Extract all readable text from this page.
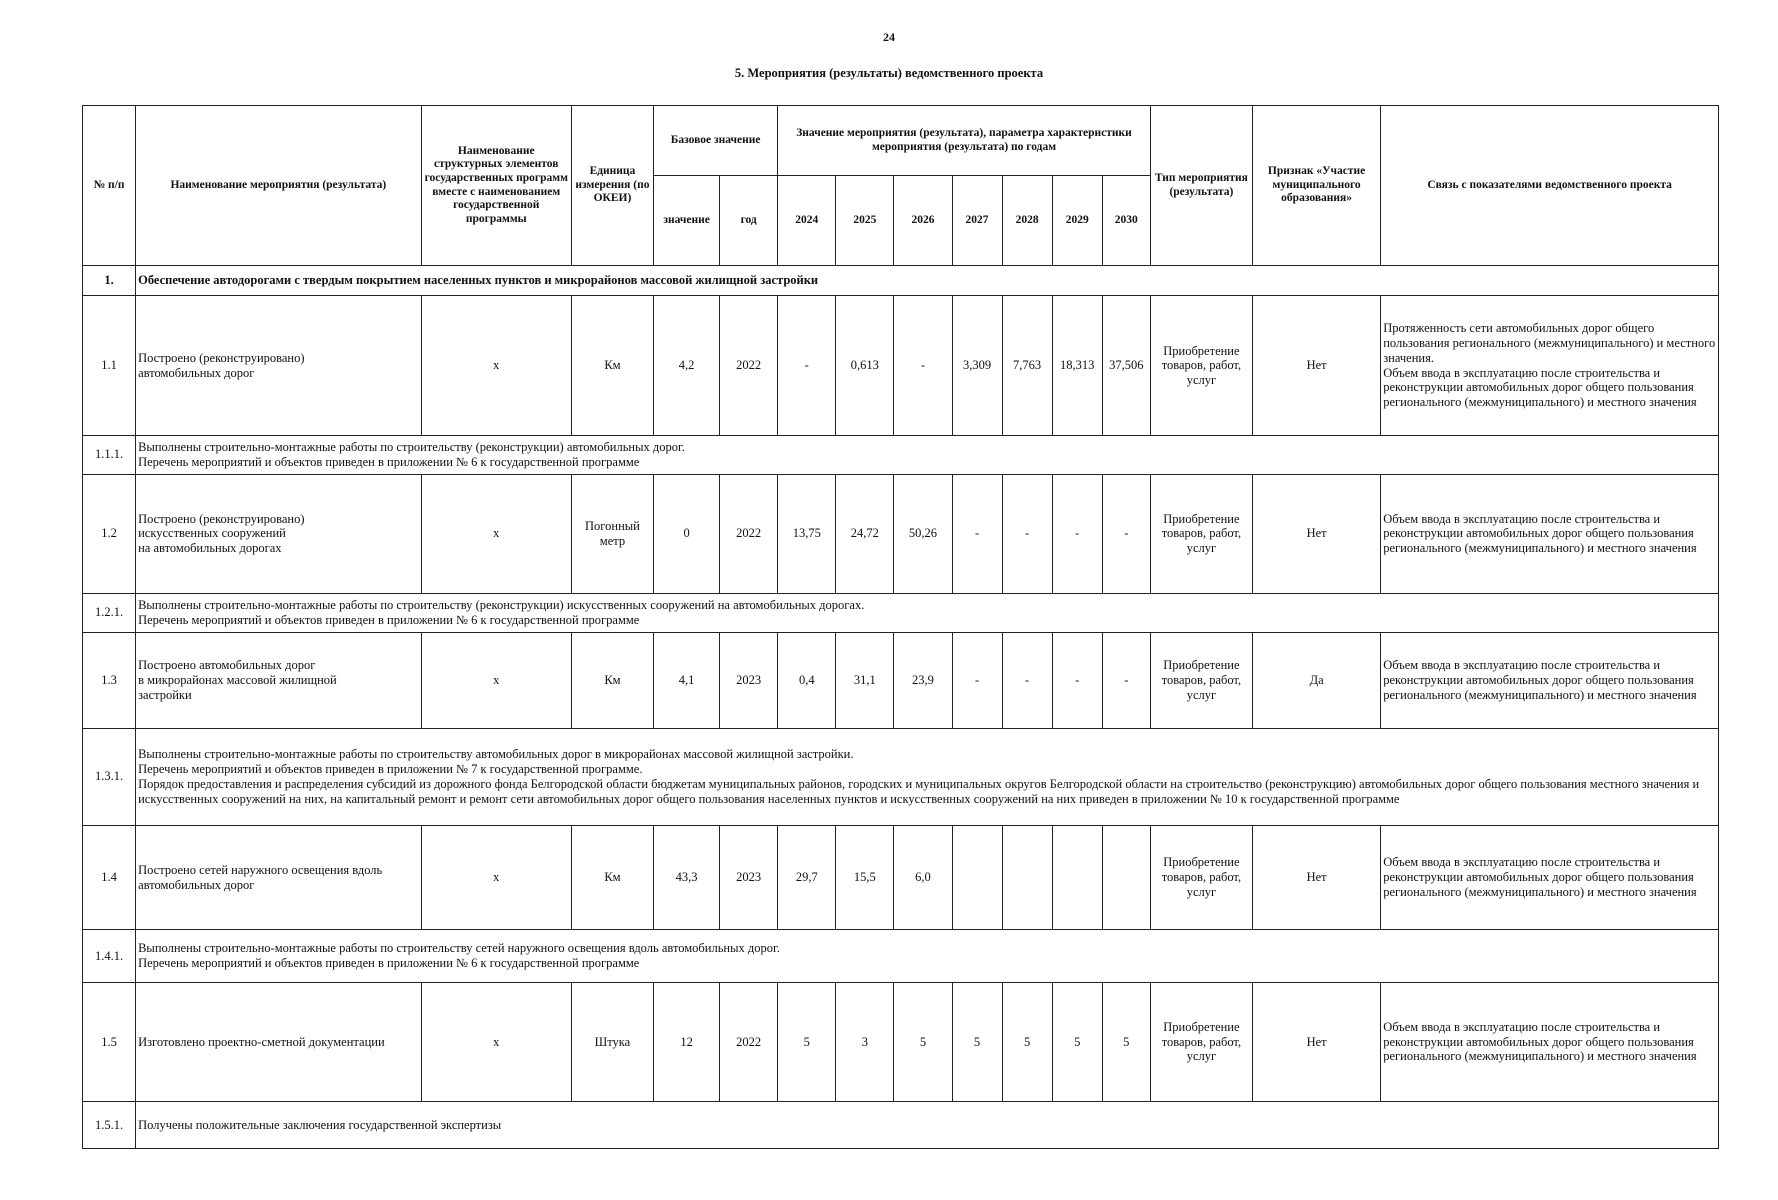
24
5. Мероприятия (результаты) ведомственного проекта
№ п/п	Наименование мероприятия (результата)	Наименование структурных элементов государственных программ вместе с наименованием государственной программы	Единица измерения (по ОКЕИ)	Базовое значение		Значение мероприятия (результата), параметра характеристики мероприятия (результата) по годам							Тип мероприятия (результата)	Признак «Участие муниципального образования»	Связь с показателями ведомственного проекта
				значение	год	2024	2025	2026	2027	2028	2029	2030			
1.	Обеспечение автодорогами с твердым покрытием населенных пунктов и микрорайонов массовой жилищной застройки														
1.1	Построено (реконструировано)
автомобильных дорог	х	Км	4,2	2022	-	0,613	-	3,309	7,763	18,313	37,506	Приобретение товаров, работ, услуг	Нет	Протяженность сети автомобильных дорог общего пользования регионального (межмуниципального) и местного значения.
Объем ввода в эксплуатацию после строительства и реконструкции автомобильных дорог общего пользования регионального (межмуниципального) и местного значения
1.1.1.	Выполнены строительно-монтажные работы по строительству (реконструкции) автомобильных дорог.
Перечень мероприятий и объектов приведен в приложении № 6 к государственной программе														
1.2	Построено (реконструировано)
искусственных сооружений
на автомобильных дорогах	х	Погонный метр	0	2022	13,75	24,72	50,26	-	-	-	-	Приобретение товаров, работ, услуг	Нет	Объем ввода в эксплуатацию после строительства и реконструкции автомобильных дорог общего пользования регионального (межмуниципального) и местного значения
1.2.1.	Выполнены строительно-монтажные работы по строительству (реконструкции) искусственных сооружений на автомобильных дорогах.
Перечень мероприятий и объектов приведен в приложении № 6 к государственной программе														
1.3	Построено автомобильных дорог
в микрорайонах массовой жилищной
застройки	х	Км	4,1	2023	0,4	31,1	23,9	-	-	-	-	Приобретение товаров, работ, услуг	Да	Объем ввода в эксплуатацию после строительства и реконструкции автомобильных дорог общего пользования регионального (межмуниципального) и местного значения
1.3.1.	Выполнены строительно-монтажные работы по строительству автомобильных дорог в микрорайонах массовой жилищной застройки.
Перечень мероприятий и объектов приведен в приложении № 7 к государственной программе.
Порядок предоставления и распределения субсидий из дорожного фонда Белгородской области бюджетам муниципальных районов, городских и муниципальных округов Белгородской области на строительство (реконструкцию) автомобильных дорог общего пользования местного значения и искусственных сооружений на них, на капитальный ремонт и ремонт сети автомобильных дорог общего пользования населенных пунктов и искусственных сооружений на них приведен в приложении № 10 к государственной программе														
1.4	Построено сетей наружного освещения вдоль автомобильных дорог	х	Км	43,3	2023	29,7	15,5	6,0					Приобретение товаров, работ, услуг	Нет	Объем ввода в эксплуатацию после строительства и реконструкции автомобильных дорог общего пользования регионального (межмуниципального) и местного значения
1.4.1.	Выполнены строительно-монтажные работы по строительству сетей наружного освещения вдоль автомобильных дорог.
Перечень мероприятий и объектов приведен в приложении № 6 к государственной программе														
1.5	Изготовлено проектно-сметной документации	х	Штука	12	2022	5	3	5	5	5	5	5	Приобретение товаров, работ, услуг	Нет	Объем ввода в эксплуатацию после строительства и реконструкции автомобильных дорог общего пользования регионального (межмуниципального) и местного значения
1.5.1.	Получены положительные заключения государственной экспертизы														
